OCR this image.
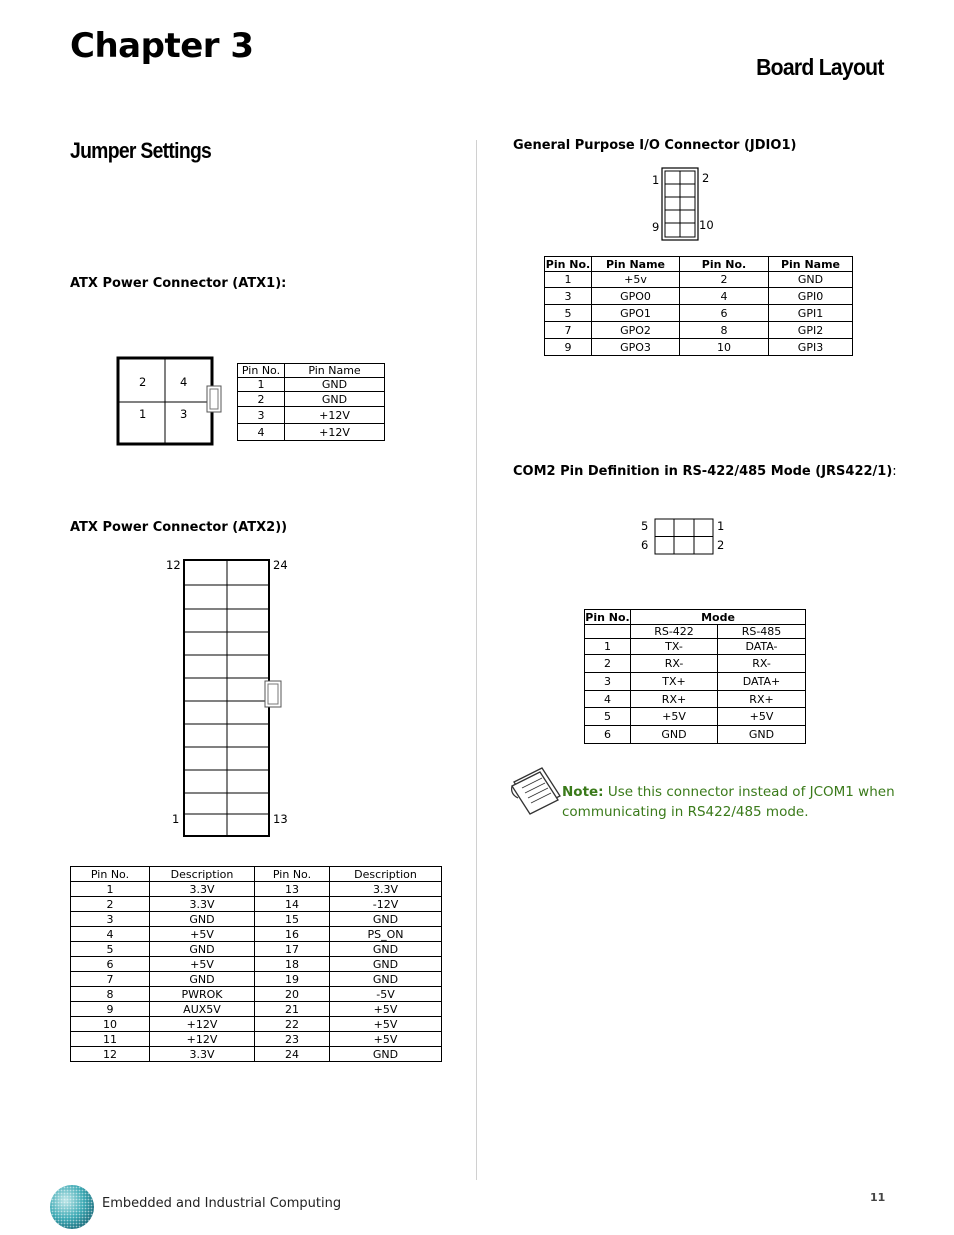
Chapter 3
Board Layout
Jumper Settings
ATX Power Connector (ATX1):
2	4
1	3
Pin No.	Pin Name
1	GND
2	GND
3	+12V
4	+12V
ATX Power Connector (ATX2))
12	24
1	13
Pin No.	Description	Pin No.	Description
1	3.3V	13	3.3V
2	3.3V	14	-12V
3	GND	15	GND
4	+5V	16	PS_ON
5	GND	17	GND
6	+5V	18	GND
7	GND	19	GND
8	PWROK	20	-5V
9	AUX5V	21	+5V
10	+12V	22	+5V
11	+12V	23	+5V
12	3.3V	24	GND
General Purpose I/O Connector (JDIO1)
1	2
9	10
Pin No.	Pin Name	Pin No.	Pin Name
1	+5v	2	GND
3	GPO0	4	GPI0
5	GPO1	6	GPI1
7	GPO2	8	GPI2
9	GPO3	10	GPI3
COM2 Pin Definition in RS-422/485 Mode (JRS422/1):
5
6
1
2
Pin No.	Mode	
	RS-422	RS-485
1	TX-	DATA-
2	RX-	RX-
3	TX+	DATA+
4	RX+	RX+
5	+5V	+5V
6	GND	GND
Note: Use this connector instead of JCOM1 when communicating in RS422/485 mode.
Embedded and Industrial Computing	11
